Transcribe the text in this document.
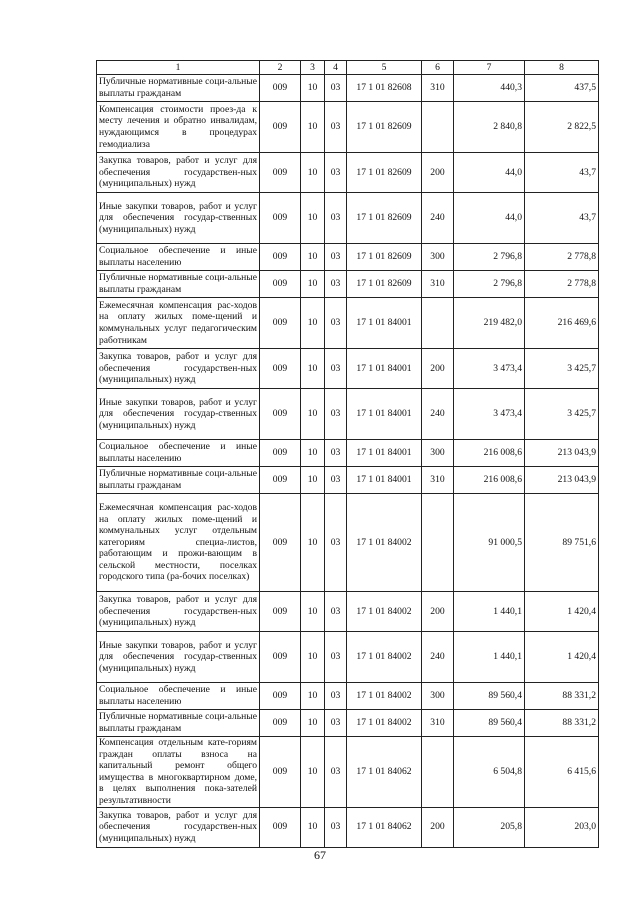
1	2	3	4	5	6	7	8
Публичные нормативные соци-альные выплаты гражданам	009	10	03	17 1 01 82608	310	440,3	437,5
Компенсация стоимости проез-да к месту лечения и обратно инвалидам, нуждающимся в процедурах гемодиализа	009	10	03	17 1 01 82609		2 840,8	2 822,5
Закупка товаров, работ и услуг для обеспечения государствен-ных (муниципальных) нужд	009	10	03	17 1 01 82609	200	44,0	43,7
Иные закупки товаров, работ и услуг для обеспечения государ-ственных (муниципальных) нужд	009	10	03	17 1 01 82609	240	44,0	43,7
Социальное обеспечение и иные выплаты населению	009	10	03	17 1 01 82609	300	2 796,8	2 778,8
Публичные нормативные соци-альные выплаты гражданам	009	10	03	17 1 01 82609	310	2 796,8	2 778,8
Ежемесячная компенсация рас-ходов на оплату жилых поме-щений и коммунальных услуг педагогическим работникам	009	10	03	17 1 01 84001		219 482,0	216 469,6
Закупка товаров, работ и услуг для обеспечения государствен-ных (муниципальных) нужд	009	10	03	17 1 01 84001	200	3 473,4	3 425,7
Иные закупки товаров, работ и услуг для обеспечения государ-ственных (муниципальных) нужд	009	10	03	17 1 01 84001	240	3 473,4	3 425,7
Социальное обеспечение и иные выплаты населению	009	10	03	17 1 01 84001	300	216 008,6	213 043,9
Публичные нормативные соци-альные выплаты гражданам	009	10	03	17 1 01 84001	310	216 008,6	213 043,9
Ежемесячная компенсация рас-ходов на оплату жилых поме-щений и коммунальных услуг отдельным категориям специа-листов, работающим и прожи-вающим в сельской местности, поселках городского типа (ра-бочих поселках)	009	10	03	17 1 01 84002		91 000,5	89 751,6
Закупка товаров, работ и услуг для обеспечения государствен-ных (муниципальных) нужд	009	10	03	17 1 01 84002	200	1 440,1	1 420,4
Иные закупки товаров, работ и услуг для обеспечения государ-ственных (муниципальных) нужд	009	10	03	17 1 01 84002	240	1 440,1	1 420,4
Социальное обеспечение и иные выплаты населению	009	10	03	17 1 01 84002	300	89 560,4	88 331,2
Публичные нормативные соци-альные выплаты гражданам	009	10	03	17 1 01 84002	310	89 560,4	88 331,2
Компенсация отдельным кате-гориям граждан оплаты взноса на капитальный ремонт общего имущества в многоквартирном доме, в целях выполнения пока-зателей результативности	009	10	03	17 1 01 84062		6 504,8	6 415,6
Закупка товаров, работ и услуг для обеспечения государствен-ных (муниципальных) нужд	009	10	03	17 1 01 84062	200	205,8	203,0
67
